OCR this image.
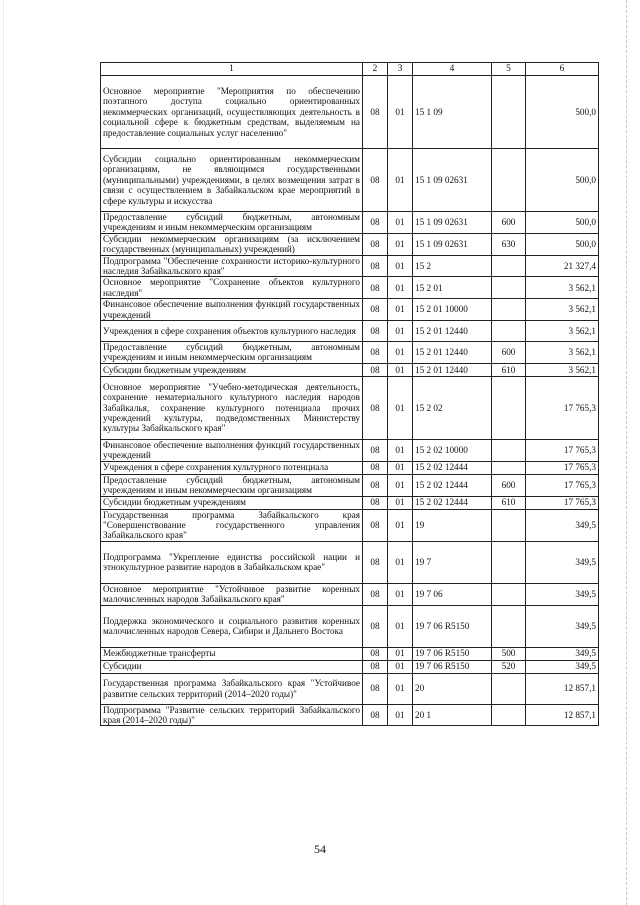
1	2	3	4	5	6
Основное мероприятие "Мероприятия по обеспечению поэтапного доступа социально ориентированных некоммерческих организаций, осуществляющих деятельность в социальной сфере к бюджетным средствам, выделяемым на предоставление социальных услуг населению"	08	01	15 1 09		500,0
Субсидии социально ориентированным некоммерческим организациям, не являющимся государственными (муниципальными) учреждениями, в целях возмещения затрат в связи с осуществлением в Забайкальском крае мероприятий в сфере культуры и искусства	08	01	15 1 09 02631		500,0
Предоставление субсидий бюджетным, автономным учреждениям и иным некоммерческим организациям	08	01	15 1 09 02631	600	500,0
Субсидии некоммерческим организациям (за исключением государственных (муниципальных) учреждений)	08	01	15 1 09 02631	630	500,0
Подпрограмма "Обеспечение сохранности историко-культурного наследия Забайкальского края"	08	01	15 2		21 327,4
Основное мероприятие "Сохранение объектов культурного наследия"	08	01	15 2 01		3 562,1
Финансовое обеспечение выполнения функций государственных учреждений	08	01	15 2 01 10000		3 562,1
Учреждения в сфере сохранения объектов культурного наследия	08	01	15 2 01 12440		3 562,1
Предоставление субсидий бюджетным, автономным учреждениям и иным некоммерческим организациям	08	01	15 2 01 12440	600	3 562,1
Субсидии бюджетным учреждениям	08	01	15 2 01 12440	610	3 562,1
Основное мероприятие "Учебно-методическая деятельность, сохранение нематериального культурного наследия народов Забайкалья, сохранение культурного потенциала прочих учреждений культуры, подведомственных Министерству культуры Забайкальского края"	08	01	15 2 02		17 765,3
Финансовое обеспечение выполнения функций государственных учреждений	08	01	15 2 02 10000		17 765,3
Учреждения в сфере сохранения культурного потенциала	08	01	15 2 02 12444		17 765,3
Предоставление субсидий бюджетным, автономным учреждениям и иным некоммерческим организациям	08	01	15 2 02 12444	600	17 765,3
Субсидии бюджетным учреждениям	08	01	15 2 02 12444	610	17 765,3
Государственная программа Забайкальского края "Совершенствование государственного управления Забайкальского края"	08	01	19		349,5
Подпрограмма "Укрепление единства российской нации и этнокультурное развитие народов в Забайкальском крае"	08	01	19 7		349,5
Основное мероприятие "Устойчивое развитие коренных малочисленных народов Забайкальского края"	08	01	19 7 06		349,5
Поддержка экономического и социального развития коренных малочисленных народов Севера, Сибири и Дальнего Востока	08	01	19 7 06 R5150		349,5
Межбюджетные трансферты	08	01	19 7 06 R5150	500	349,5
Субсидии	08	01	19 7 06 R5150	520	349,5
Государственная программа Забайкальского края "Устойчивое развитие сельских территорий (2014–2020 годы)"	08	01	20		12 857,1
Подпрограмма "Развитие сельских территорий Забайкальского края (2014–2020 годы)"	08	01	20 1		12 857,1
54
